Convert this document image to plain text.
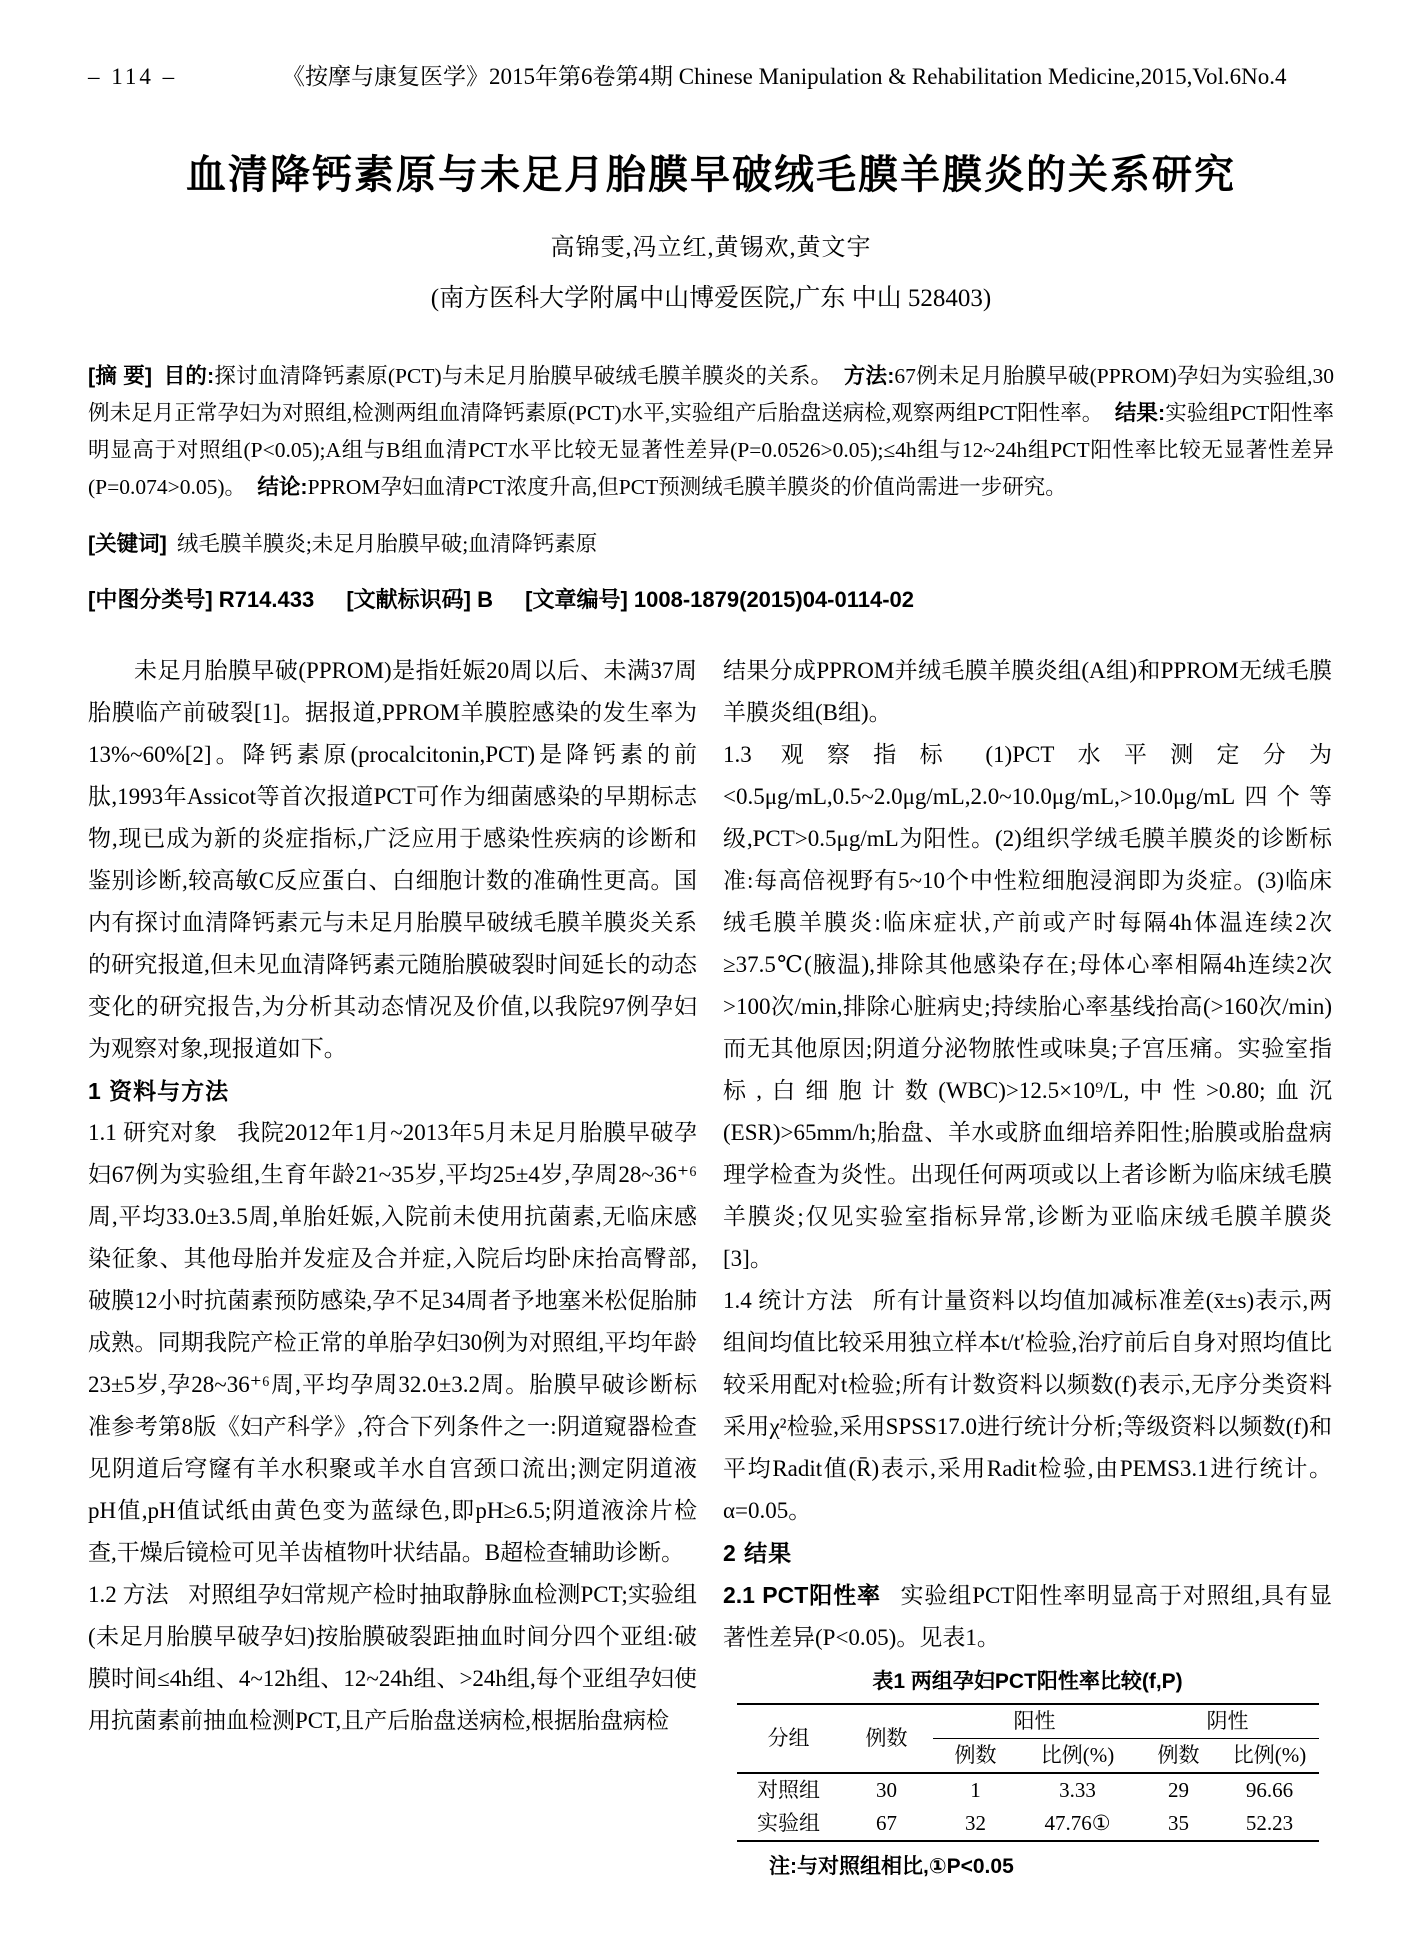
– 114 –	《按摩与康复医学》2015年第6卷第4期 Chinese Manipulation & Rehabilitation Medicine,2015,Vol.6No.4
血清降钙素原与未足月胎膜早破绒毛膜羊膜炎的关系研究
高锦雯,冯立红,黄锡欢,黄文宇
(南方医科大学附属中山博爱医院,广东 中山 528403)

[摘 要] 目的:探讨血清降钙素原(PCT)与未足月胎膜早破绒毛膜羊膜炎的关系。 方法:67例未足月胎膜早破(PPROM)孕妇为实验组,30例未足月正常孕妇为对照组,检测两组血清降钙素原(PCT)水平,实验组产后胎盘送病检,观察两组PCT阳性率。 结果:实验组PCT阳性率明显高于对照组(P<0.05);A组与B组血清PCT水平比较无显著性差异(P=0.0526>0.05);≤4h组与12~24h组PCT阳性率比较无显著性差异(P=0.074>0.05)。 结论:PPROM孕妇血清PCT浓度升高,但PCT预测绒毛膜羊膜炎的价值尚需进一步研究。

[关键词] 绒毛膜羊膜炎;未足月胎膜早破;血清降钙素原

[中图分类号] R714.433 [文献标识码] B [文章编号] 1008-1879(2015)04-0114-02

未足月胎膜早破(PPROM)是指妊娠20周以后、未满37周胎膜临产前破裂[1]。据报道,PPROM羊膜腔感染的发生率为13%~60%[2]。降钙素原(procalcitonin,PCT)是降钙素的前肽,1993年Assicot等首次报道PCT可作为细菌感染的早期标志物,现已成为新的炎症指标,广泛应用于感染性疾病的诊断和鉴别诊断,较高敏C反应蛋白、白细胞计数的准确性更高。国内有探讨血清降钙素元与未足月胎膜早破绒毛膜羊膜炎关系的研究报道,但未见血清降钙素元随胎膜破裂时间延长的动态变化的研究报告,为分析其动态情况及价值,以我院97例孕妇为观察对象,现报道如下。

1 资料与方法

1.1 研究对象 我院2012年1月~2013年5月未足月胎膜早破孕妇67例为实验组,生育年龄21~35岁,平均25±4岁,孕周28~36⁺⁶周,平均33.0±3.5周,单胎妊娠,入院前未使用抗菌素,无临床感染征象、其他母胎并发症及合并症,入院后均卧床抬高臀部,破膜12小时抗菌素预防感染,孕不足34周者予地塞米松促胎肺成熟。同期我院产检正常的单胎孕妇30例为对照组,平均年龄23±5岁,孕28~36⁺⁶周,平均孕周32.0±3.2周。胎膜早破诊断标准参考第8版《妇产科学》,符合下列条件之一:阴道窥器检查见阴道后穹窿有羊水积聚或羊水自宫颈口流出;测定阴道液pH值,pH值试纸由黄色变为蓝绿色,即pH≥6.5;阴道液涂片检查,干燥后镜检可见羊齿植物叶状结晶。B超检查辅助诊断。

1.2 方法 对照组孕妇常规产检时抽取静脉血检测PCT;实验组(未足月胎膜早破孕妇)按胎膜破裂距抽血时间分四个亚组:破膜时间≤4h组、4~12h组、12~24h组、>24h组,每个亚组孕妇使用抗菌素前抽血检测PCT,且产后胎盘送病检,根据胎盘病检

结果分成PPROM并绒毛膜羊膜炎组(A组)和PPROM无绒毛膜羊膜炎组(B组)。

1.3 观察指标 (1)PCT水平测定分为<0.5μg/mL,0.5~2.0μg/mL,2.0~10.0μg/mL,>10.0μg/mL四个等级,PCT>0.5μg/mL为阳性。(2)组织学绒毛膜羊膜炎的诊断标准:每高倍视野有5~10个中性粒细胞浸润即为炎症。(3)临床绒毛膜羊膜炎:临床症状,产前或产时每隔4h体温连续2次≥37.5℃(腋温),排除其他感染存在;母体心率相隔4h连续2次>100次/min,排除心脏病史;持续胎心率基线抬高(>160次/min)而无其他原因;阴道分泌物脓性或味臭;子宫压痛。实验室指标,白细胞计数(WBC)>12.5×10⁹/L,中性>0.80;血沉(ESR)>65mm/h;胎盘、羊水或脐血细培养阳性;胎膜或胎盘病理学检查为炎性。出现任何两项或以上者诊断为临床绒毛膜羊膜炎;仅见实验室指标异常,诊断为亚临床绒毛膜羊膜炎[3]。

1.4 统计方法 所有计量资料以均值加减标准差(x̄±s)表示,两组间均值比较采用独立样本t/t′检验,治疗前后自身对照均值比较采用配对t检验;所有计数资料以频数(f)表示,无序分类资料采用χ²检验,采用SPSS17.0进行统计分析;等级资料以频数(f)和平均Radit值(R̄)表示,采用Radit检验,由PEMS3.1进行统计。α=0.05。

2 结果

2.1 PCT阳性率 实验组PCT阳性率明显高于对照组,具有显著性差异(P<0.05)。见表1。

表1 两组孕妇PCT阳性率比较(f,P)
分组	例数	阳性		阴性	
		例数	比例(%)	例数	比例(%)
对照组	30	1	3.33	29	96.66
实验组	67	32	47.76①	35	52.23
注:与对照组相比,①P<0.05
